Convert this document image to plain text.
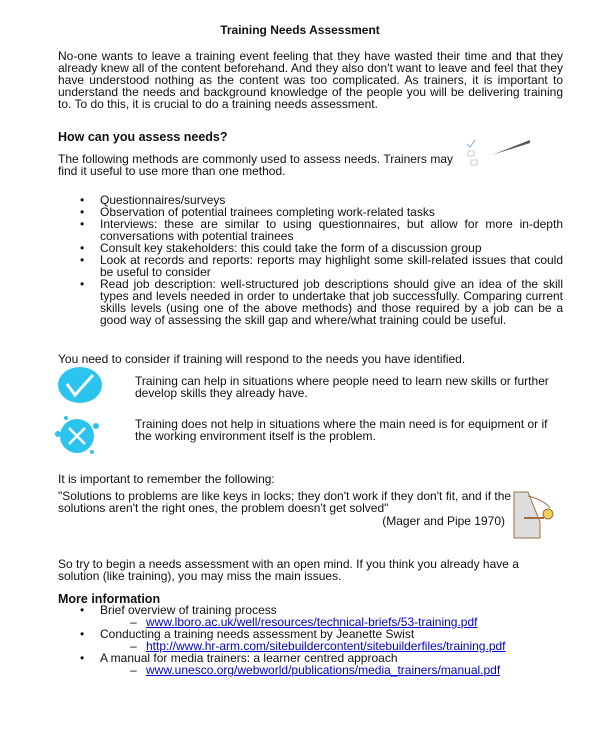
Training Needs Assessment

No-one wants to leave a training event feeling that they have wasted their time and that they already knew all of the content beforehand. And they also don't want to leave and feel that they have understood nothing as the content was too complicated. As trainers, it is important to understand the needs and background knowledge of the people you will be delivering training to. To do this, it is crucial to do a training needs assessment.

How can you assess needs?

The following methods are commonly used to assess needs. Trainers may find it useful to use more than one method.

• Questionnaires/surveys
• Observation of potential trainees completing work-related tasks
• Interviews: these are similar to using questionnaires, but allow for more in-depth conversations with potential trainees
• Consult key stakeholders: this could take the form of a discussion group
• Look at records and reports: reports may highlight some skill-related issues that could be useful to consider
• Read job description: well-structured job descriptions should give an idea of the skill types and levels needed in order to undertake that job successfully. Comparing current skills levels (using one of the above methods) and those required by a job can be a good way of assessing the skill gap and where/what training could be useful.

You need to consider if training will respond to the needs you have identified.

Training can help in situations where people need to learn new skills or further develop skills they already have.

Training does not help in situations where the main need is for equipment or if the working environment itself is the problem.

It is important to remember the following:

"Solutions to problems are like keys in locks; they don't work if they don't fit, and if the solutions aren't the right ones, the problem doesn't get solved"

(Mager and Pipe 1970)

So try to begin a needs assessment with an open mind. If you think you already have a solution (like training), you may miss the main issues.

More information
• Brief overview of training process
– www.lboro.ac.uk/well/resources/technical-briefs/53-training.pdf
• Conducting a training needs assessment by Jeanette Swist
– http://www.hr-arm.com/sitebuildercontent/sitebuilderfiles/training.pdf
• A manual for media trainers: a learner centred approach
– www.unesco.org/webworld/publications/media_trainers/manual.pdf
